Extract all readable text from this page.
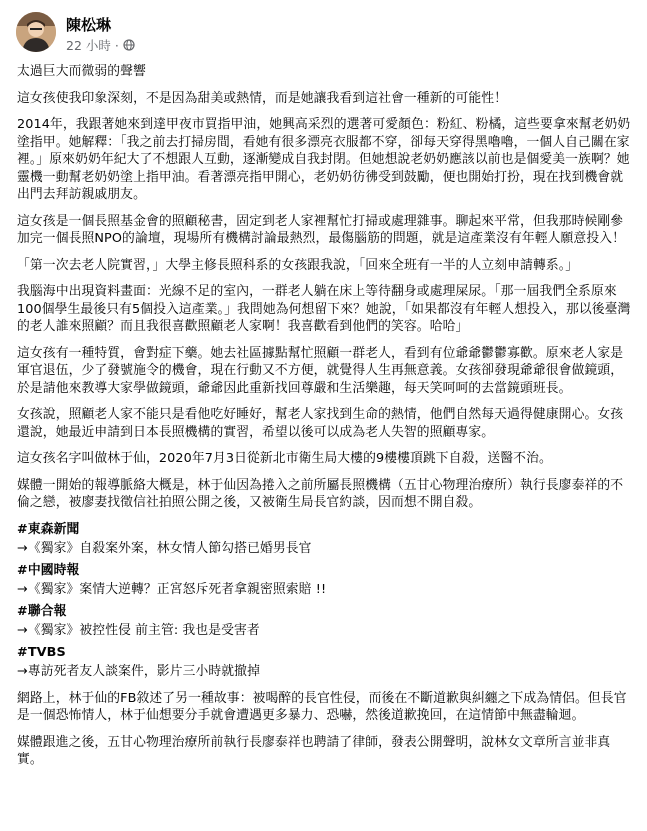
陳松琳
22 小時 ·

太過巨大而微弱的聲響

這女孩使我印象深刻，不是因為甜美或熱情，而是她讓我看到這社會一種新的可能性！

2014年，我跟著她來到達甲夜市買指甲油，她興高采烈的選著可愛顏色：粉紅、粉橘，這些要拿來幫老奶奶塗指甲。她解釋：「我之前去打掃房間，看她有很多漂亮衣服都不穿，卻每天穿得黑嚕嚕，一個人自己關在家裡。」原來奶奶年紀大了不想跟人互動，逐漸變成自我封閉。但她想說老奶奶應該以前也是個愛美一族啊？她靈機一動幫老奶奶塗上指甲油。看著漂亮指甲開心，老奶奶彷彿受到鼓勵，便也開始打扮，現在找到機會就出門去拜訪親戚朋友。

這女孩是一個長照基金會的照顧秘書，固定到老人家裡幫忙打掃或處理雜事。聊起來平常，但我那時候剛參加完一個長照NPO的論壇，現場所有機構討論最熱烈，最傷腦筋的問題，就是這產業沒有年輕人願意投入！

「第一次去老人院實習，」大學主修長照科系的女孩跟我說，「回來全班有一半的人立刻申請轉系。」

我腦海中出現資料畫面：光線不足的室內，一群老人躺在床上等待翻身或處理屎尿。「那一屆我們全系原來100個學生最後只有5個投入這產業。」我問她為何想留下來？她說，「如果都沒有年輕人想投入，那以後臺灣的老人誰來照顧？而且我很喜歡照顧老人家啊！我喜歡看到他們的笑容。哈哈」

這女孩有一種特質，會對症下藥。她去社區據點幫忙照顧一群老人，看到有位爺爺鬱鬱寡歡。原來老人家是軍官退伍，少了發號施令的機會，現在行動又不方便，就覺得人生再無意義。女孩卻發現爺爺很會做鏡頭，於是請他來教導大家學做鏡頭，爺爺因此重新找回尊嚴和生活樂趣，每天笑呵呵的去當鏡頭班長。

女孩說，照顧老人家不能只是看他吃好睡好，幫老人家找到生命的熱情，他們自然每天過得健康開心。女孩還說，她最近申請到日本長照機構的實習，希望以後可以成為老人失智的照顧專家。

這女孩名字叫做林于仙，2020年7月3日從新北市衛生局大樓的9樓樓頂跳下自殺，送醫不治。

媒體一開始的報導脈絡大概是，林于仙因為捲入之前所屬長照機構（五甘心物理治療所）執行長廖泰祥的不倫之戀，被廖妻找徵信社拍照公開之後，又被衛生局長官約談，因而想不開自殺。

#東森新聞

→《獨家》自殺案外案，林女情人節勾搭已婚男長官

#中國時報

→《獨家》案情大逆轉？正宮怒斥死者拿親密照索賠 !!

#聯合報

→《獨家》被控性侵 前主管: 我也是受害者

#TVBS

→專訪死者友人談案件，影片三小時就撤掉

網路上，林于仙的FB敘述了另一種故事：被喝醉的長官性侵，而後在不斷道歉與糾纏之下成為情侶。但長官是一個恐怖情人，林于仙想要分手就會遭遇更多暴力、恐嚇，然後道歉挽回，在這情節中無盡輪迴。

媒體跟進之後，五甘心物理治療所前執行長廖泰祥也聘請了律師，發表公開聲明，說林女文章所言並非真實。
